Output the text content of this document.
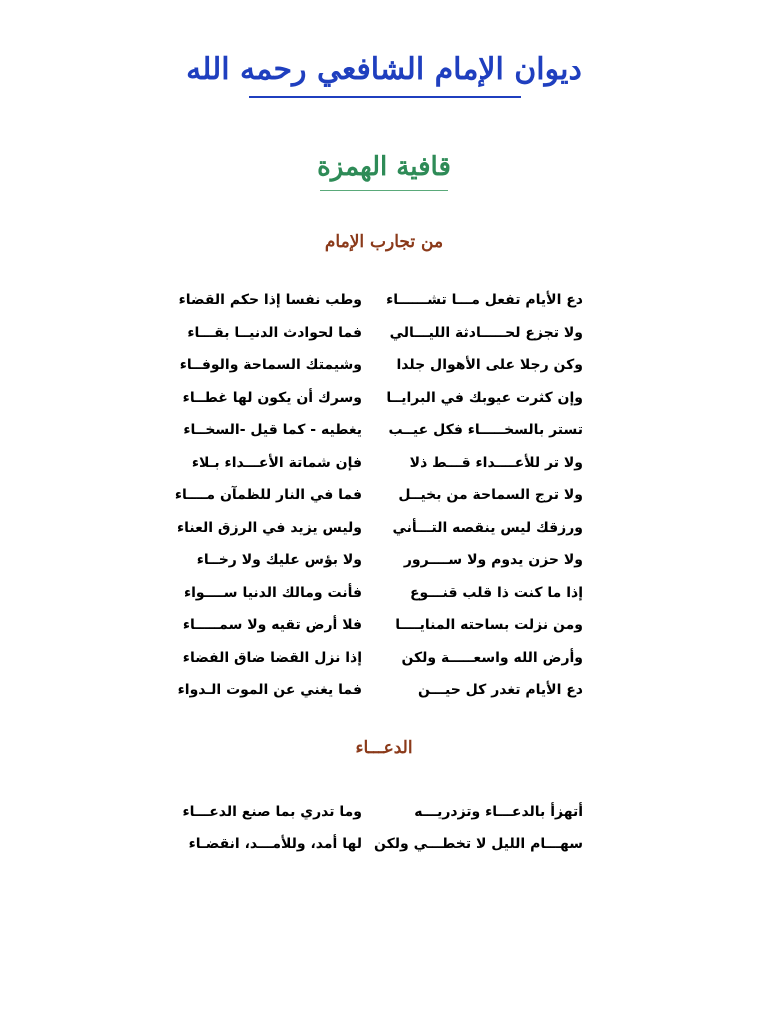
ديوان الإمام الشافعي رحمه الله
قافية الهمزة
من تجارب الإمام
دع الأيام تفعل مـــا تشــــــاء
وطب نفسا إذا حكم القضاء
ولا تجزع لحـــــادثة الليـــالي
فما لحوادث الدنيــا بقـــاء
وكن رجلا على الأهوال جلدا
وشيمتك السماحة والوفــاء
وإن كثرت عيوبك في البرايــا
وسرك أن يكون لها غطــاء
تستر بالسخـــــاء فكل عيــب
يغطيه - كما قيل -السخــاء
ولا تر للأعــــداء قـــط ذلا
فإن شماتة الأعـــداء بـلاء
ولا ترج السماحة من بخيــل
فما في النار للظمآن مــــاء
ورزقك ليس ينقصه التـــأني
وليس يزيد في الرزق العناء
ولا حزن يدوم ولا ســــرور
ولا بؤس عليك ولا رخــاء
إذا ما كنت ذا قلب قنـــوع
فأنت ومالك الدنيا ســــواء
ومن نزلت بساحته المنايــــا
فلا أرض تقيه ولا سمـــــاء
وأرض الله واسعـــــة ولكن
إذا نزل القضا ضاق الفضاء
دع الأيام تغدر كل حيـــن
فما يغني عن الموت الـدواء
الدعـــاء
أتهزأ بالدعـــاء وتزدريـــه
وما تدري بما صنع الدعـــاء
سهـــام الليل لا تخطـــي ولكن
لها أمد، وللأمـــد، انقضـاء
